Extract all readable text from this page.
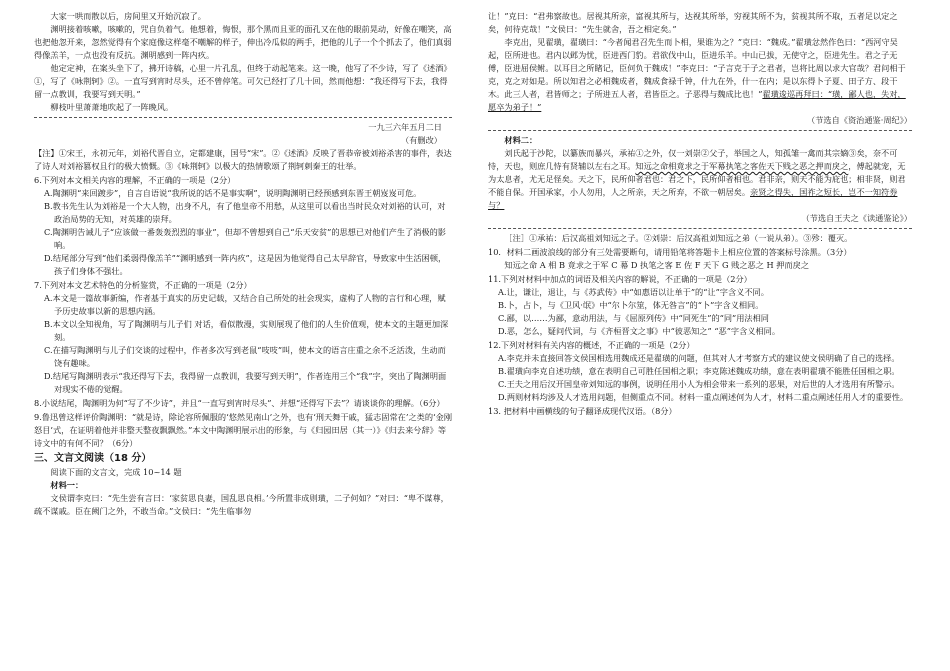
大家一哄而散以后，房间里又开始沉寂了。

渊明接着咳嗽，咳嗽的，咒自负着气。他想着，悔恨，那个黑而且亚的面孔又在他的眼前晃动，好像在嘲笑，高也把他忽开来，忽然觉得有个家庭像这样毫不嘲解的样子，伸出冷瓜似的两手，把他的儿子一个个抓去了，他们真弱得像羔羊，一点也没有反抗。渊明感到一阵内疚。

他定定神，在案头坐下了，拂开诗稿，心里一片孔乱，但终于动起笔来。这一晚，他写了不少诗，写了《述酒》①，写了《咏荆轲》②。一直写到宵时尽头，还不曾停笔。可欠已经打了几十回，然而他想：“我还得写下去，我得留一点教训，我要写到天明。”

柳枝叶里萧萧地吹起了一阵晚风。

一九三六年五月二日

（有删改）

【注】①宋王，永初元年，刘裕代晋自立，定都建康，国号“宋”。②《述酒》反映了晋恭帝被刘裕杀害的事件，表达了诗人对刘裕篡权且行的极大愤慨。③《咏荆轲》以极大的热情歌颂了荆轲刺秦王的壮举。

6.下列对本文相关内容的理解，不正确的一项是（2分）

A.陶渊明“来回踱步”，自言自语说“我所说的话不是事实啊”，说明陶渊明已经预感到东晋王朝岌岌可危。

B.教书先生认为刘裕是一个大人物，出身不凡，有了他皇帝不用愁，从这里可以看出当时民众对刘裕的认可，对政治局势的无知，对英雄的崇拜。

C.陶渊明告诫儿子“应该做一番轰轰烈烈的事业”，但却不曾想到自己“乐天安贫”的思想已对他们产生了消极的影响。

D.结尾部分写到“他们柔弱得像羔羊”“渊明感到一阵内疚”，这是因为他觉得自己太早辞官，导致家中生活困顿，孩子们身体不强壮。

7.下列对本文艺术特色的分析鉴赏，不正确的一项是（2分）

A.本文是一篇故事新编，作者基于真实的历史记载，又结合自己所处的社会现实，虚构了人物的言行和心理，赋予历史故事以新的思想内涵。

B.本文以全知视角，写了陶渊明与儿子们 对话，看似散漫，实则展现了他们的人生价值观，使本文的主题更加深刻。

C.在描写陶渊明与儿子们交谈的过程中，作者多次写到老鼠“吱吱”叫，使本文的语言庄重之余不乏活泼，生动而饶有趣味。

D.结尾写陶渊明表示“我还得写下去，我得留一点教训，我要写到天明”，作者连用三个“我”字，突出了陶渊明面对现实不倦的觉醒。

8.小说结尾，陶渊明为何“写了不少诗”，并且“一直写到宵时尽头”、并想“还得写下去”？请谈谈你的理解。（6分）

9.鲁迅曾这样评价陶渊明：“就是诗，除论容所佩服的‘悠然见南山’之外，也有‘刑天舞干戚，猛志固常在’之类的‘金刚怒目’式，在证明着他并非整天整夜飘飘然。”本文中陶渊明展示出的形象，与《归园田居（其一）》《归去来兮辞》等诗文中的有何不同？（6分）

三、文言文阅读（18 分）

阅读下面的文言文，完成 10~14 题

材料一：

文侯谓李克曰：“先生尝有言曰：‘家贫思良妻，国乱思良相。’今所置非成则璜，二子何如？”对曰：“卑不谋尊，疏不谋戚。臣在阙门之外，不敢当命。”文侯曰：“先生临事勿

让！”克曰：“君弗察故也。居视其所亲，富视其所与，达视其所举，穷视其所不为，贫视其所不取，五者足以定之矣，何待克哉！”文侯曰：“先生就舍，吾之相定矣。”

李克出，见翟璜，翟璜曰：“今者闻君召先生而卜相，果谁为之？”克曰：“魏成。”翟璜忿然作色曰：“西河守吴起，臣所进也。君内以邺为忧，臣进西门豹。君欲伐中山，臣进乐羊。中山已拔，无使守之，臣进先生。君之子无傅，臣进屈侯鲋。以耳目之所睹记，臣何负于魏成！”李克曰：“子言克于子之君者，岂将比周以求大官哉？君问相于克，克之对如是。所以知君之必相魏成者，魏成食禄千钟，什九在外，什一在内；是以东得卜子夏、田子方、段干木。此三人者，君皆师之；子所进五人者，君皆臣之。子恶得与魏成比也！”翟璜逡巡再拜曰：“璜，鄙人也，失对，愿卒为弟子！”

（节选自《资治通鉴·周纪》）

材料二：

刘氏起于沙陀，以纂族而暴兴，承祐①之外，仅一刘崇②父子，举国之人，知孤雏一禽而其宗嫡③矣，奈不可恃，天也，则庶几恃有贤辅以左右之耳。知远之命相竟求之于军幕执笔之客佐天下贱之恶之押而戾之，傅起就宠，无为太息者，尤无足怪矣。天之下，民所仰者君也：君之下，民所仰者相也。君非亲，则天不能为庇也；相非贤，则君不能自保。开国承家，小人勿用，人之所亲，天之所弃，不欲一朝居矣。亲贤之得失，国祚之短长，岂不一知符券与？

（节选自王夫之《读通鉴论》）

［注］①承祐：后汉高祖刘知远之子。②刘崇：后汉高祖刘知远之弟（一说从弟）。③殄：覆灭。

10．材料二画波浪线的部分有三处需要断句，请用铅笔将答题卡上相应位置的答案标号涂黑。（3分）

知远之命 A 相 B 竟求之于军 C 幕 D 执笔之客 E 佐 F 天下 G 贱之恶之 H 押而戾之

11.下列对材料中加点的词语及相关内容的解说，不正确的一项是（2分）

A.让，谦让，退让，与《苏武传》中“如惠语以让单于”的“让”字含义不同。

B.卜，占卜，与《卫风·氓》中“尔卜尔筮，体无咎言”的“卜”字含义相同。

C.鄙，以……为鄙，意动用法，与《屈原列传》中“同死生”的“同”用法相同

D.恶，怎么，疑问代词，与《齐桓晋文之事》中“彼恶知之” “恶”字含义相同。

12.下列对材料有关内容的概述，不正确的一项是（2分）

A.李克并未直接回答文侯国相选用魏成还是翟璜的问题，但其对人才考察方式的建议使文侯明确了自己的选择。

B.翟璜向李克自述功绩，意在表明自己可胜任国相之职；李克陈述魏成功绩，意在表明翟璜不能胜任国相之职。

C.王夫之用后汉开国皇帝刘知远的事例，说明任用小人为相会带来一系列的恶果，对后世的人才选用有所警示。

D.两则材料均涉及人才选用问题，但侧重点不同。材料一重点阐述何为人才，材料二重点阐述任用人才的重要性。

13. 把材料中画横线的句子翻译成现代汉语。（8分）
